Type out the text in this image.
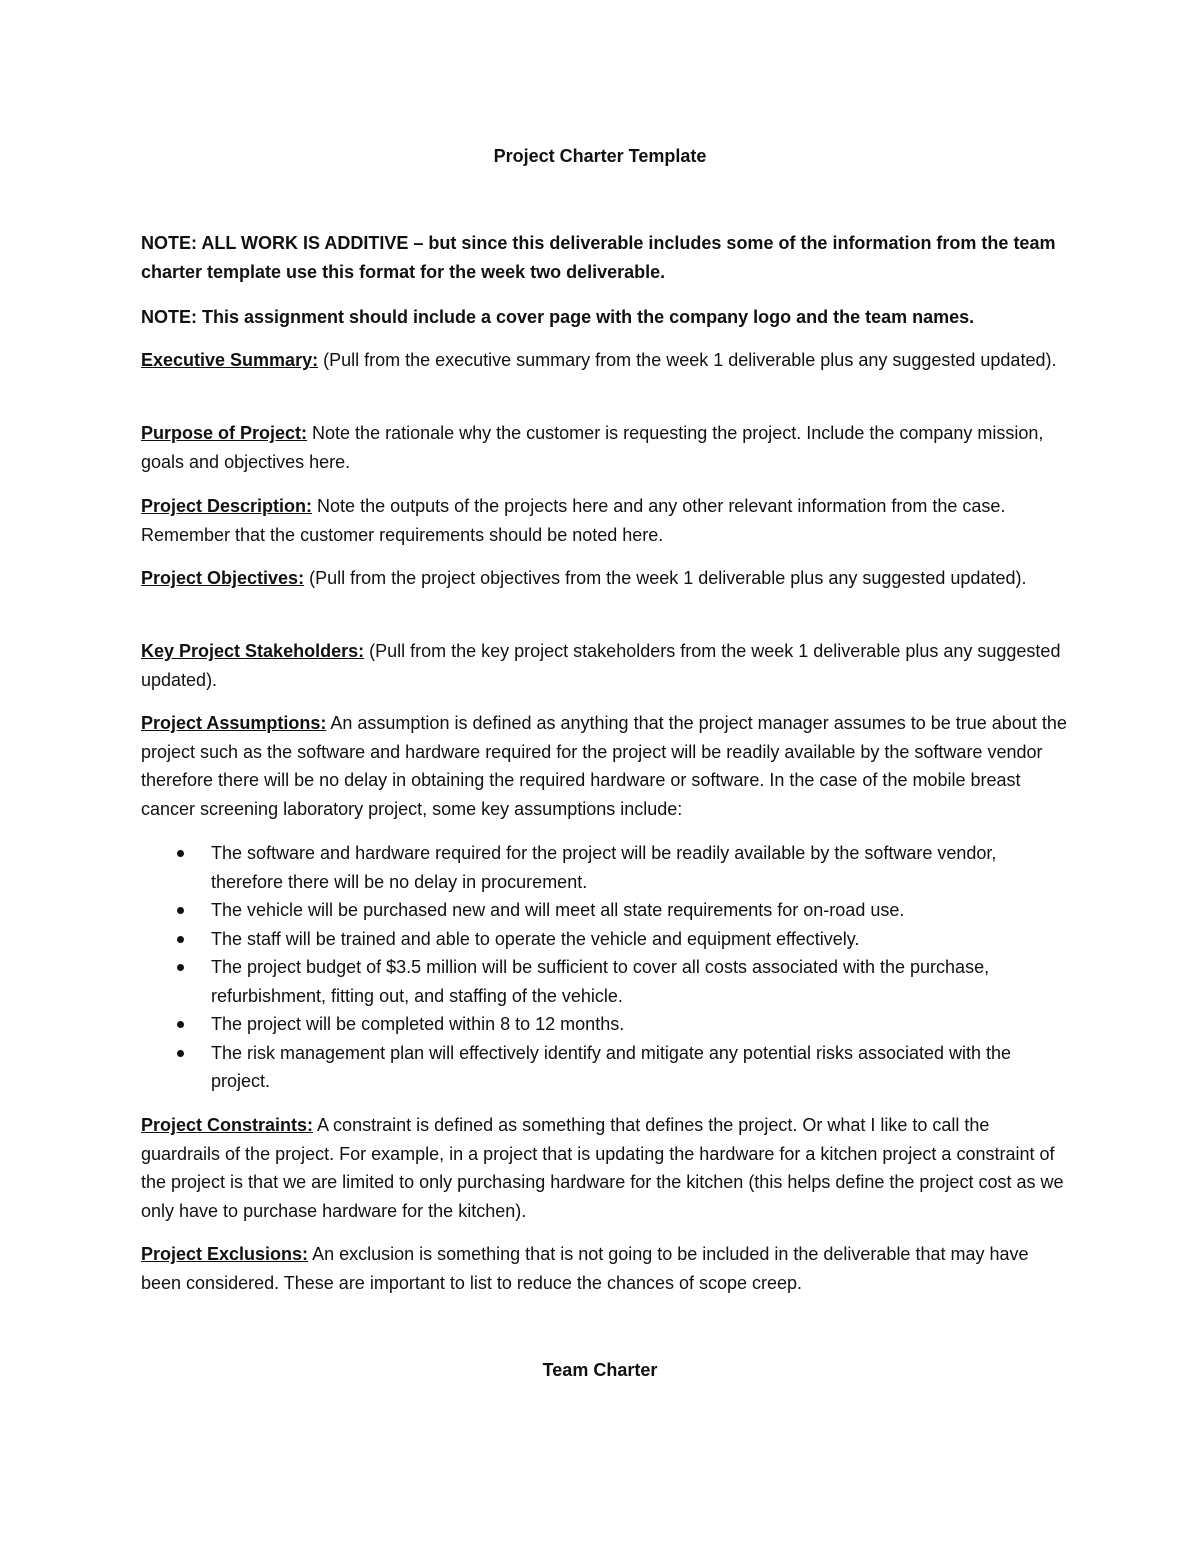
Project Charter Template

NOTE: ALL WORK IS ADDITIVE – but since this deliverable includes some of the information from the team charter template use this format for the week two deliverable.

NOTE: This assignment should include a cover page with the company logo and the team names.

Executive Summary: (Pull from the executive summary from the week 1 deliverable plus any suggested updated).

Purpose of Project: Note the rationale why the customer is requesting the project. Include the company mission, goals and objectives here.

Project Description: Note the outputs of the projects here and any other relevant information from the case. Remember that the customer requirements should be noted here.

Project Objectives: (Pull from the project objectives from the week 1 deliverable plus any suggested updated).

Key Project Stakeholders: (Pull from the key project stakeholders from the week 1 deliverable plus any suggested updated).

Project Assumptions: An assumption is defined as anything that the project manager assumes to be true about the project such as the software and hardware required for the project will be readily available by the software vendor therefore there will be no delay in obtaining the required hardware or software. In the case of the mobile breast cancer screening laboratory project, some key assumptions include:

The software and hardware required for the project will be readily available by the software vendor, therefore there will be no delay in procurement.
The vehicle will be purchased new and will meet all state requirements for on-road use.
The staff will be trained and able to operate the vehicle and equipment effectively.
The project budget of $3.5 million will be sufficient to cover all costs associated with the purchase, refurbishment, fitting out, and staffing of the vehicle.
The project will be completed within 8 to 12 months.
The risk management plan will effectively identify and mitigate any potential risks associated with the project.

Project Constraints: A constraint is defined as something that defines the project. Or what I like to call the guardrails of the project. For example, in a project that is updating the hardware for a kitchen project a constraint of the project is that we are limited to only purchasing hardware for the kitchen (this helps define the project cost as we only have to purchase hardware for the kitchen).

Project Exclusions: An exclusion is something that is not going to be included in the deliverable that may have been considered. These are important to list to reduce the chances of scope creep.

Team Charter
